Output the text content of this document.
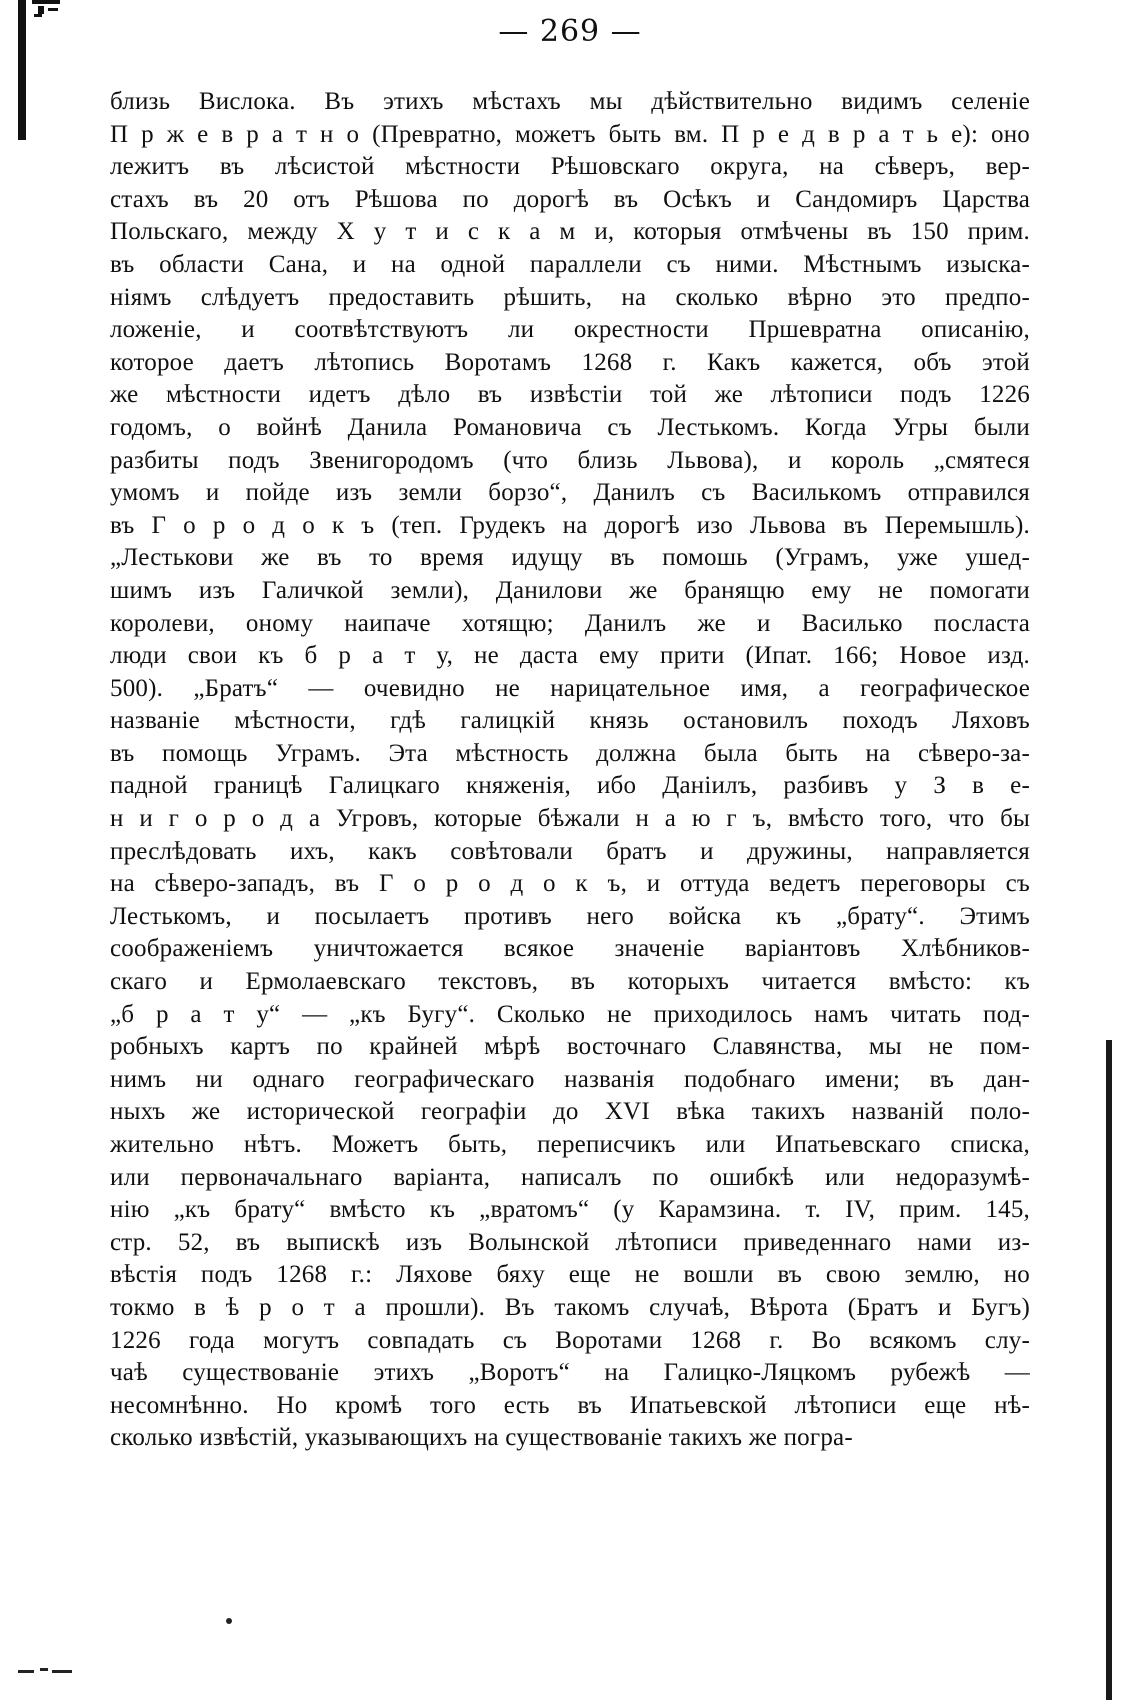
— 269 —
близь Вислока. Въ этихъ мѣстахъ мы дѣйствительно видимъ селеніе
П р ж е в р а т н о (Превратно, можетъ быть вм. П р е д в р а т ь е): оно
лежитъ въ лѣсистой мѣстности Рѣшовскаго округа, на сѣверъ, вер-
стахъ въ 20 отъ Рѣшова по дорогѣ въ Осѣкъ и Сандомиръ Царства
Польскаго, между Х у т и с к а м и, которыя отмѣчены въ 150 прим.
въ области Сана, и на одной параллели съ ними. Мѣстнымъ изыска-
ніямъ слѣдуетъ предоставить рѣшить, на сколько вѣрно это предпо-
ложеніе, и соотвѣтствуютъ ли окрестности Пршевратна описанію,
которое даетъ лѣтопись Воротамъ 1268 г. Какъ кажется, объ этой
же мѣстности идетъ дѣло въ извѣстіи той же лѣтописи подъ 1226
годомъ, о войнѣ Данила Романовича съ Лестькомъ. Когда Угры были
разбиты подъ Звенигородомъ (что близь Львова), и король „смятеся
умомъ и пойде изъ земли борзо“, Данилъ съ Василькомъ отправился
въ Г о р о д о к ъ (теп. Грудекъ на дорогѣ изо Львова въ Перемышль).
„Лестькови же въ то время идущу въ помошь (Уграмъ, уже ушед-
шимъ изъ Галичкой земли), Данилови же бранящю ему не помогати
королеви, оному наипаче хотящю; Данилъ же и Василько посласта
люди свои къ б р а т у, не даста ему прити (Ипат. 166; Новое изд.
500). „Братъ“ — очевидно не нарицательное имя, а географическое
названіе мѣстности, гдѣ галицкій князь остановилъ походъ Ляховъ
въ помощь Уграмъ. Эта мѣстность должна была быть на сѣверо-за-
падной границѣ Галицкаго княженія, ибо Даніилъ, разбивъ у З в е-
н и г о р о д а Угровъ, которые бѣжали н а ю г ъ, вмѣсто того, что бы
преслѣдовать ихъ, какъ совѣтовали братъ и дружины, направляется
на сѣверо-западъ, въ Г о р о д о к ъ, и оттуда ведетъ переговоры съ
Лестькомъ, и посылаетъ противъ него войска къ „брату“. Этимъ
соображеніемъ уничтожается всякое значеніе варіантовъ Хлѣбников-
скаго и Ермолаевскаго текстовъ, въ которыхъ читается вмѣсто: къ
„б р а т у“ — „къ Бугу“. Сколько не приходилось намъ читать под-
робныхъ картъ по крайней мѣрѣ восточнаго Славянства, мы не пом-
нимъ ни однаго географическаго названія подобнаго имени; въ дан-
ныхъ же исторической географіи до XVI вѣка такихъ названій поло-
жительно нѣтъ. Можетъ быть, переписчикъ или Ипатьевскаго списка,
или первоначальнаго варіанта, написалъ по ошибкѣ или недоразумѣ-
нію „къ брату“ вмѣсто къ „вратомъ“ (у Карамзина. т. IV, прим. 145,
стр. 52, въ выпискѣ изъ Волынской лѣтописи приведеннаго нами из-
вѣстія подъ 1268 г.: Ляхове бяху еще не вошли въ свою землю, но
токмо в ѣ р о т а прошли). Въ такомъ случаѣ, Вѣрота (Братъ и Бугъ)
1226 года могутъ совпадать съ Воротами 1268 г. Во всякомъ слу-
чаѣ существованіе этихъ „Воротъ“ на Галицко-Ляцкомъ рубежѣ —
несомнѣнно. Но кромѣ того есть въ Ипатьевской лѣтописи еще нѣ-
сколько извѣстій, указывающихъ на существованіе такихъ же погра-
